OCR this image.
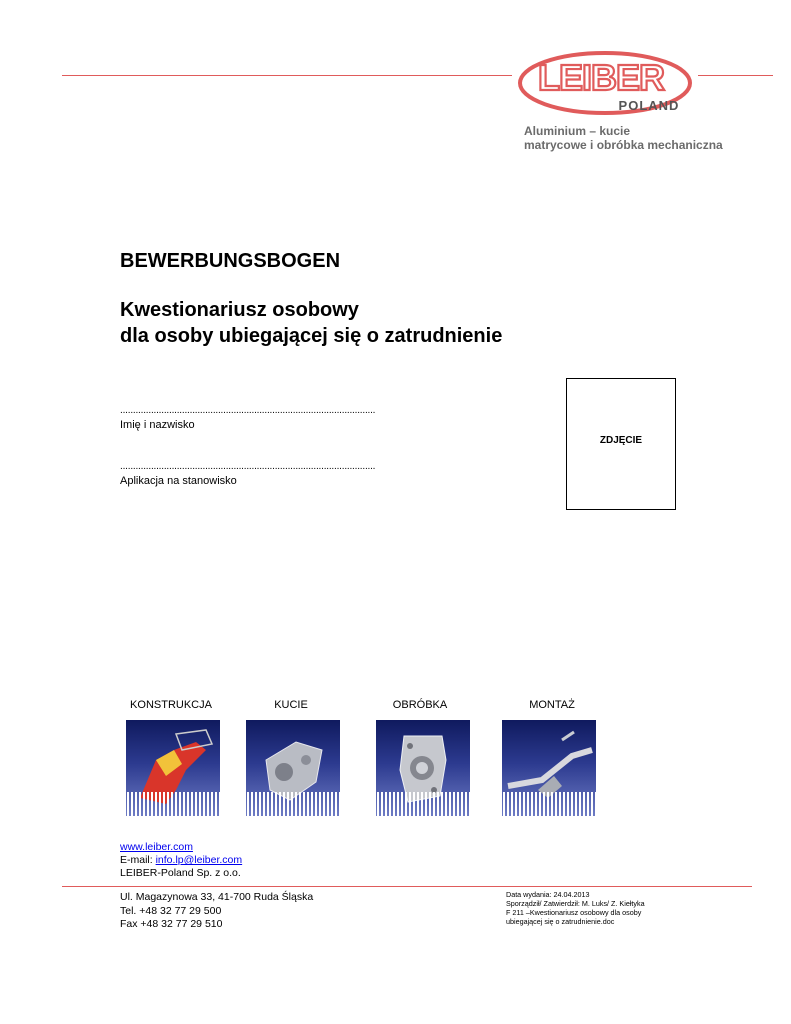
LEIBER
POLAND
Aluminium – kucie
matrycowe i obróbka mechaniczna
BEWERBUNGSBOGEN
Kwestionariusz osobowy
dla osoby ubiegającej się o zatrudnienie
...................................................................................................
Imię i nazwisko
...................................................................................................
Aplikacja na stanowisko
ZDJĘCIE
KONSTRUKCJA	KUCIE	OBRÓBKA	MONTAŻ
www.leiber.com
E-mail: info.lp@leiber.com
LEIBER-Poland Sp. z o.o.
Ul. Magazynowa 33, 41-700 Ruda Śląska
Tel. +48 32 77 29 500
Fax +48 32 77 29 510
Data wydania: 24.04.2013
Sporządził/ Zatwierdził: M. Luks/ Z. Kiełtyka
F 211 –Kwestionariusz osobowy dla osoby
ubiegającej się o zatrudnienie.doc
